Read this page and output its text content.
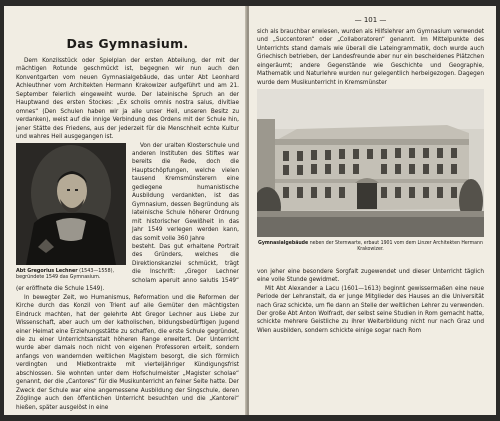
Das Gymnasium.

Dem Konzilsstück oder Spielplan der ersten Abteilung, der mit der mächtigen Rotunde geschmückt ist, begegnen wir nun auch den Konventgarten vom neuen Gymnasialgebäude, das unter Abt Leonhard Achleuthner vom Architekten Hermann Krakowizer aufgeführt und am 21. September feierlich eingeweiht wurde. Der lateinische Spruch an der Hauptwand des ersten Stockes: „Ex scholis omnis nostra salus, divitiae omnes“ (Den Schulen haben wir ja alle unser Heil, unseren Besitz zu verdanken), weist auf die innige Verbindung des Ordens mit der Schule hin, jener Stätte des Friedens, aus der jederzeit für die Menschheit echte Kultur und wahres Heil ausgegangen ist.

Abt Gregorius Lechner (1543—1558), begründete 1549 das Gymnasium.

Von der uralten Klosterschule und anderen Instituten des Stiftes war bereits die Rede, doch die Hauptschöpfungen, welche vielen tausend Kremsmünsterern eine gediegene humanistische Ausbildung verdankten, ist das Gymnasium, dessen Begründung als lateinische Schule höherer Ordnung mit historischer Gewißheit in das Jahr 1549 verlegen werden kann, das somit volle 360 Jahre

besteht. Das gut erhaltene Portrait des Gründers, welches die Direktionskanzlei schmückt, trägt die Inschrift: „Gregor Lechner scholam aperuit anno salutis 1549“ (er eröffnete die Schule 1549).

In bewegter Zeit, wo Humanismus, Reformation und die Reformen der Kirche durch das Konzil von Trient auf alle Gemüter den mächtigsten Eindruck machten, hat der gelehrte Abt Gregor Lechner aus Liebe zur Wissenschaft, aber auch um der katholischen, bildungsbedürftigen Jugend einer Heimat eine Erziehungsstätte zu schaffen, die erste Schule gegründet, die zu einer Unterrichtsanstalt höheren Range erweitert. Der Unterricht wurde aber damals noch nicht von eigenen Professoren erteilt, sondern anfangs von wandernden weltlichen Magistern besorgt, die sich förmlich verdingten und Mietkontrakte mit vierteljähriger Kündigungsfrist abschlossen. Sie wohnten unter dem Hofschulmeister „Magister scholae“ genannt, der die „Cantores“ für die Musikunterricht an feiner Seite hatte. Der Zweck der Schule war eine angemessene Ausbildung der Singschule, deren Zöglinge auch den öffentlichen Unterricht besuchten und die „Kantorei“ hießen, später ausgelöst in eine

— 101 —

sich als brauchbar erwiesen, wurden als Hilfslehrer am Gymnasium verwendet und „Succentoren“ oder „Collaboratoren“ genannt. Im Mittelpunkte des Unterrichts stand damals wie überall die Lateingrammatik, doch wurde auch Griechisch betrieben, der Landesfreunde aber nur ein bescheidenes Plätzchen eingeräumt; andere Gegenstände wie Geschichte und Geographie, Mathematik und Naturlehre wurden nur gelegentlich herbeigezogen. Dagegen wurde dem Musikunterricht in Kremsmünster

Gymnasialgebäude neben der Sternwarte, erbaut 1901 vom dem Linzer Architekten Hermann Krakowizer.

von jeher eine besondere Sorgfalt zugewendet und dieser Unterricht täglich eine volle Stunde gewidmet.

Mit Abt Alexander a Lacu (1601—1613) beginnt gewissermaßen eine neue Periode der Lehranstalt, da er junge Mitglieder des Hauses an die Universität nach Graz schickte, um fie dann an Stelle der weltlichen Lehrer zu verwenden. Der große Abt Anton Wolfradt, der selbst seine Studien in Rom gemacht hatte, schickte mehrere Geistliche zu ihrer Weiterbildung nicht nur nach Graz und Wien ausbilden, sondern schickte einige sogar nach Rom
